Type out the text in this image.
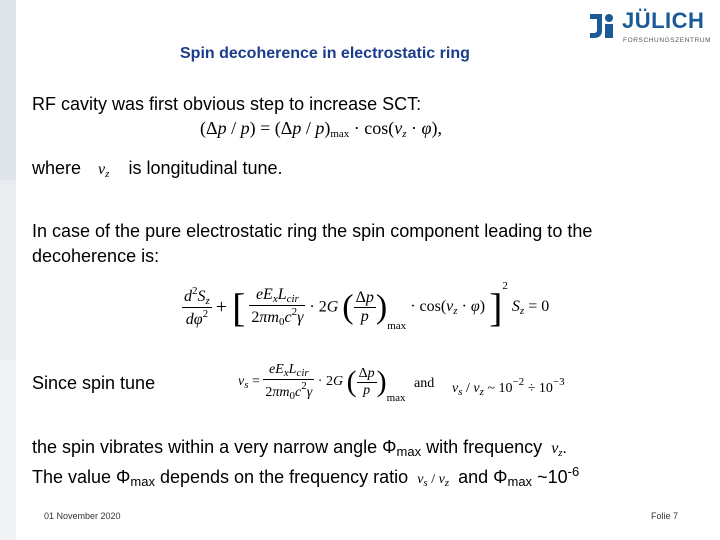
JÜLICH
FORSCHUNGSZENTRUM
Spin decoherence in electrostatic ring
RF cavity was first obvious step to increase SCT:
$(\Delta p / p) = (\Delta p / p)_{max} \cdot \cos(\nu_z \cdot \varphi)$,
where $\nu_z$ is longitudinal tune.
In case of the pure electrostatic ring the spin component leading to the
decoherence is:
$\frac{d^2S_z}{d\varphi^2}$ + [ $\frac{eE_xL_{cir}}{2\pi m_0c^2\gamma} \cdot 2G$ ( $\frac{\Delta p}{p} )_{max} \cdot \cos(\nu_z \cdot \varphi)$ ]$^2$ $S_z = 0$
Since spin tune	$\nu_s = \frac{eE_xL_{cir}}{2\pi m_0c^2\gamma} \cdot 2G$ ( $\frac{\Delta p}{p} )_{max}$
and $\nu_s / \nu_z$ ~ $10^{-2} \div 10^{-3}$
the spin vibrates within a very narrow angle $\Phi_{max}$ with frequency $\nu_z$.
The value $\Phi_{max}$ depends on the frequency ratio $\nu_s / \nu_z$ and $\Phi_{max}$ $\sim 10^{-6}$
01 November 2020	Folie 7
